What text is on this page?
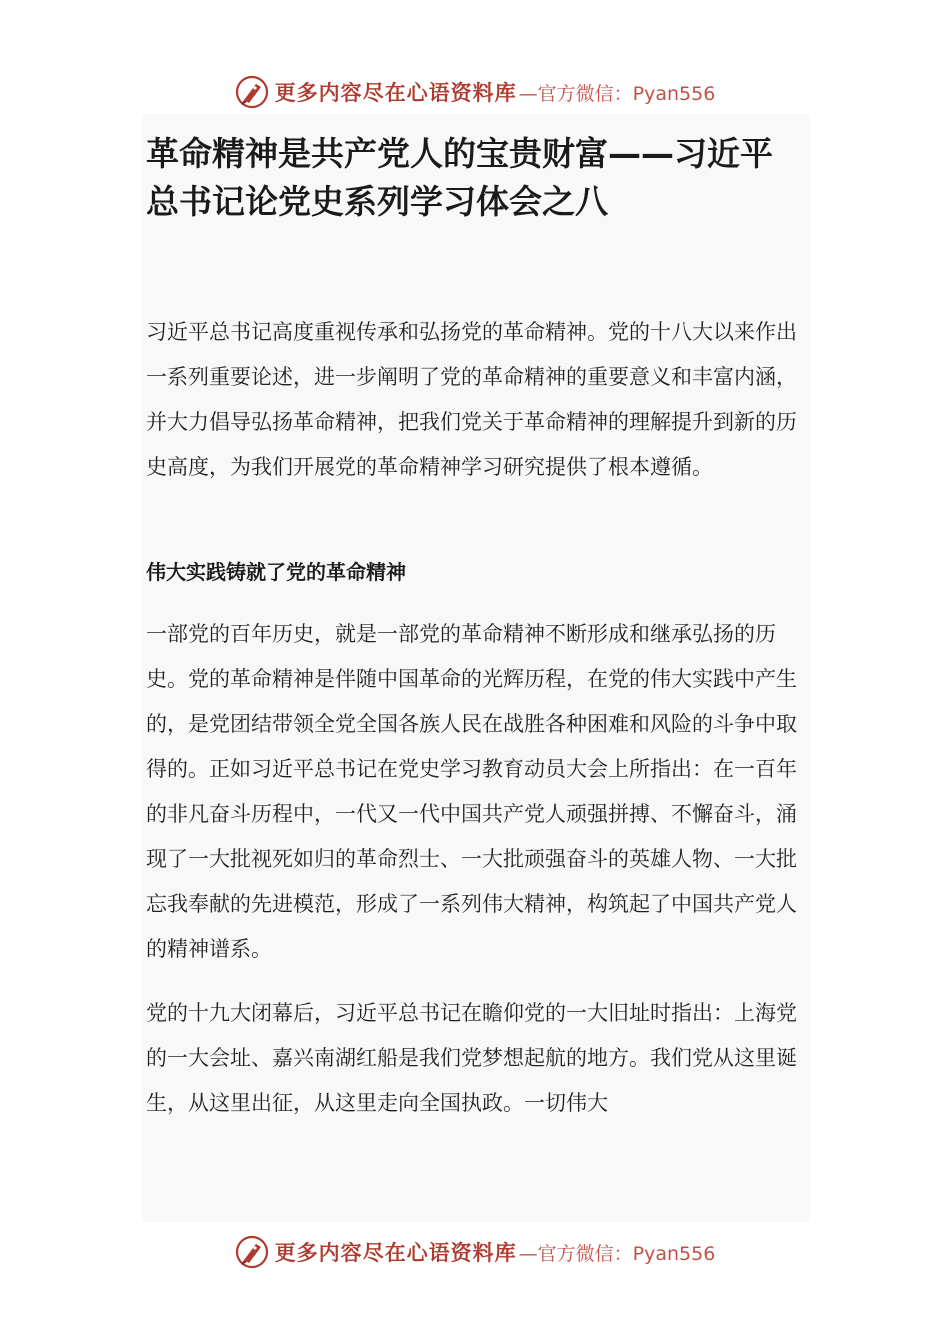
更多内容尽在心语资料库 —官方微信：Pyan556
革命精神是共产党人的宝贵财富——习近平总书记论党史系列学习体会之八

习近平总书记高度重视传承和弘扬党的革命精神。党的十八大以来作出一系列重要论述，进一步阐明了党的革命精神的重要意义和丰富内涵，并大力倡导弘扬革命精神，把我们党关于革命精神的理解提升到新的历史高度，为我们开展党的革命精神学习研究提供了根本遵循。

伟大实践铸就了党的革命精神

一部党的百年历史，就是一部党的革命精神不断形成和继承弘扬的历史。党的革命精神是伴随中国革命的光辉历程，在党的伟大实践中产生的，是党团结带领全党全国各族人民在战胜各种困难和风险的斗争中取得的。正如习近平总书记在党史学习教育动员大会上所指出：在一百年的非凡奋斗历程中，一代又一代中国共产党人顽强拼搏、不懈奋斗，涌现了一大批视死如归的革命烈士、一大批顽强奋斗的英雄人物、一大批忘我奉献的先进模范，形成了一系列伟大精神，构筑起了中国共产党人的精神谱系。

党的十九大闭幕后，习近平总书记在瞻仰党的一大旧址时指出：上海党的一大会址、嘉兴南湖红船是我们党梦想起航的地方。我们党从这里诞生，从这里出征，从这里走向全国执政。一切伟大

更多内容尽在心语资料库 —官方微信：Pyan556
